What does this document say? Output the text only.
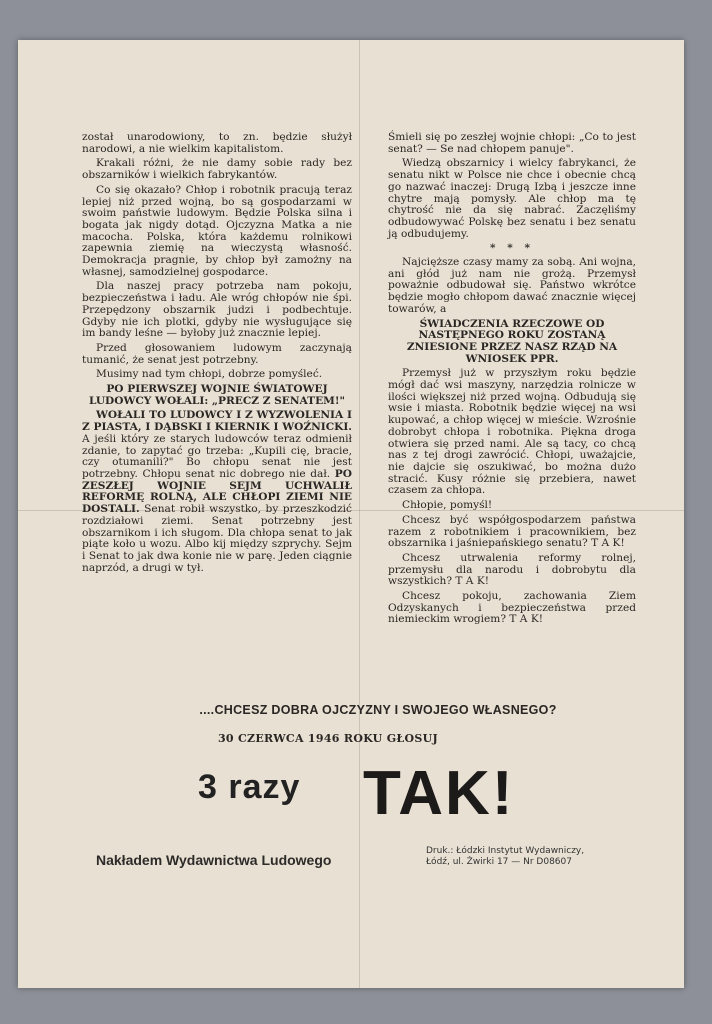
został unarodowiony, to zn. będzie służył narodowi, a nie wielkim kapitalistom.

Krakali różni, że nie damy sobie rady bez obszarników i wielkich fabrykantów.

Co się okazało? Chłop i robotnik pracują teraz lepiej niż przed wojną, bo są gospodarzami w swoim państwie ludowym. Będzie Polska silna i bogata jak nigdy dotąd. Ojczyzna Matka a nie macocha. Polska, która każdemu rolnikowi zapewnia ziemię na wieczystą własność. Demokracja pragnie, by chłop był zamożny na własnej, samodzielnej gospodarce.

Dla naszej pracy potrzeba nam pokoju, bezpieczeństwa i ładu. Ale wróg chłopów nie śpi. Przepędzony obszarnik judzi i podbechtuje. Gdyby nie ich plotki, gdyby nie wysługujące się im bandy leśne — byłoby już znacznie lepiej.

Przed głosowaniem ludowym zaczynają tumanić, że senat jest potrzebny.

Musimy nad tym chłopi, dobrze pomyśleć.

PO PIERWSZEJ WOJNIE ŚWIATOWEJ LUDOWCY WOŁALI: „PRECZ Z SENATEM!"

WOŁALI TO LUDOWCY I Z WYZWOLENIA I Z PIASTA, I DĄBSKI I KIERNIK I WOŹNICKI. A jeśli który ze starych ludowców teraz odmienił zdanie, to zapytać go trzeba: „Kupili cię, bracie, czy otumanili?" Bo chłopu senat nie jest potrzebny. Chłopu senat nic dobrego nie dał. PO ZESZŁEJ WOJNIE SEJM UCHWALIŁ REFORMĘ ROLNĄ, ALE CHŁOPI ZIEMI NIE DOSTALI. Senat robił wszystko, by przeszkodzić rozdziałowi ziemi. Senat potrzebny jest obszarnikom i ich sługom. Dla chłopa senat to jak piąte koło u wozu. Albo kij między szprychy. Sejm i Senat to jak dwa konie nie w parę. Jeden ciągnie naprzód, a drugi w tył.

Śmieli się po zeszłej wojnie chłopi: „Co to jest senat? — Se nad chłopem panuje".

Wiedzą obszarnicy i wielcy fabrykanci, że senatu nikt w Polsce nie chce i obecnie chcą go nazwać inaczej: Drugą Izbą i jeszcze inne chytre mają pomysły. Ale chłop ma tę chytrość nie da się nabrać. Zaczęliśmy odbudowywać Polskę bez senatu i bez senatu ją odbudujemy.

* * *

Najcięższe czasy mamy za sobą. Ani wojna, ani głód już nam nie grożą. Przemysł poważnie odbudował się. Państwo wkrótce będzie mogło chłopom dawać znacznie więcej towarów, a

ŚWIADCZENIA RZECZOWE OD NASTĘPNEGO ROKU ZOSTANĄ ZNIESIONE PRZEZ NASZ RZĄD NA WNIOSEK PPR.

Przemysł już w przyszłym roku będzie mógł dać wsi maszyny, narzędzia rolnicze w ilości większej niż przed wojną. Odbudują się wsie i miasta. Robotnik będzie więcej na wsi kupować, a chłop więcej w mieście. Wzrośnie dobrobyt chłopa i robotnika. Piękna droga otwiera się przed nami. Ale są tacy, co chcą nas z tej drogi zawrócić. Chłopi, uważajcie, nie dajcie się oszukiwać, bo można dużo stracić. Kusy różnie się przebiera, nawet czasem za chłopa.

Chłopie, pomyśl!

Chcesz być współgospodarzem państwa razem z robotnikiem i pracownikiem, bez obszarnika i jaśniepańskiego senatu? T A K!

Chcesz utrwalenia reformy rolnej, przemysłu dla narodu i dobrobytu dla wszystkich? T A K!

Chcesz pokoju, zachowania Ziem Odzyskanych i bezpieczeństwa przed niemieckim wrogiem? T A K!

....CHCESZ DOBRA OJCZYZNY I SWOJEGO WŁASNEGO?
30 CZERWCA 1946 ROKU GŁOSUJ
3 razy TAK!
Nakładem Wydawnictwa Ludowego
Druk.: Łódzki Instytut Wydawniczy,
Łódź, ul. Żwirki 17 — Nr D08607
